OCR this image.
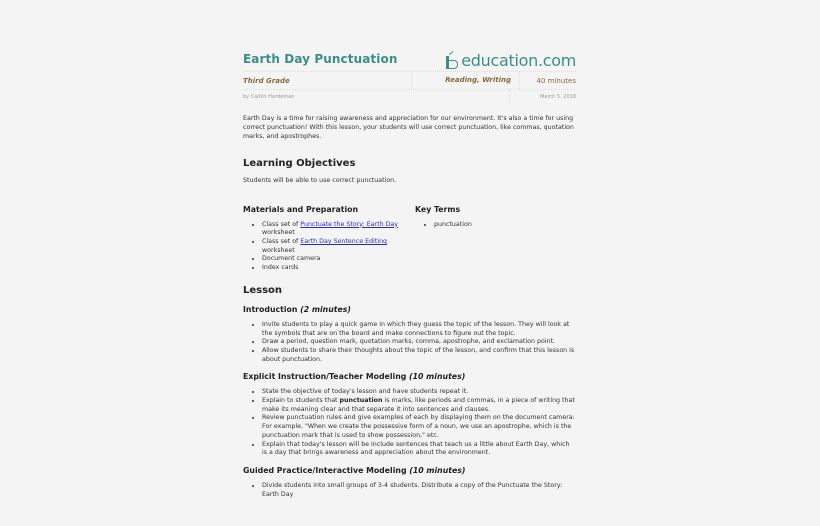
Earth Day Punctuation	education .com
Third Grade	Reading, Writing	40 minutes
by Caitlin Hardeman	March 5, 2018
Earth Day is a time for raising awareness and appreciation for our environment. It's also a time for using correct punctuation! With this lesson, your students will use correct punctuation, like commas, quotation marks, and apostrophes.
Learning Objectives

Students will be able to use correct punctuation.

Materials and Preparation
• Class set of Punctuate the Story: Earth Day worksheet
• Class set of Earth Day Sentence Editing worksheet
• Document camera
• Index cards
Key Terms
• punctuation
Lesson
Introduction (2 minutes)
• Invite students to play a quick game in which they guess the topic of the lesson. They will look at the symbols that are on the board and make connections to figure out the topic.
• Draw a period, question mark, quotation marks, comma, apostrophe, and exclamation point.
• Allow students to share their thoughts about the topic of the lesson, and confirm that this lesson is about punctuation.
Explicit Instruction/Teacher Modeling (10 minutes)
• State the objective of today's lesson and have students repeat it.
• Explain to students that punctuation is marks, like periods and commas, in a piece of writing that make its meaning clear and that separate it into sentences and clauses.
• Review punctuation rules and give examples of each by displaying them on the document camera: For example, "When we create the possessive form of a noun, we use an apostrophe, which is the punctuation mark that is used to show possession," etc.
• Explain that today's lesson will be include sentences that teach us a little about Earth Day, which is a day that brings awareness and appreciation about the environment.
Guided Practice/Interactive Modeling (10 minutes)
• Divide students into small groups of 3-4 students. Distribute a copy of the Punctuate the Story: Earth Day
